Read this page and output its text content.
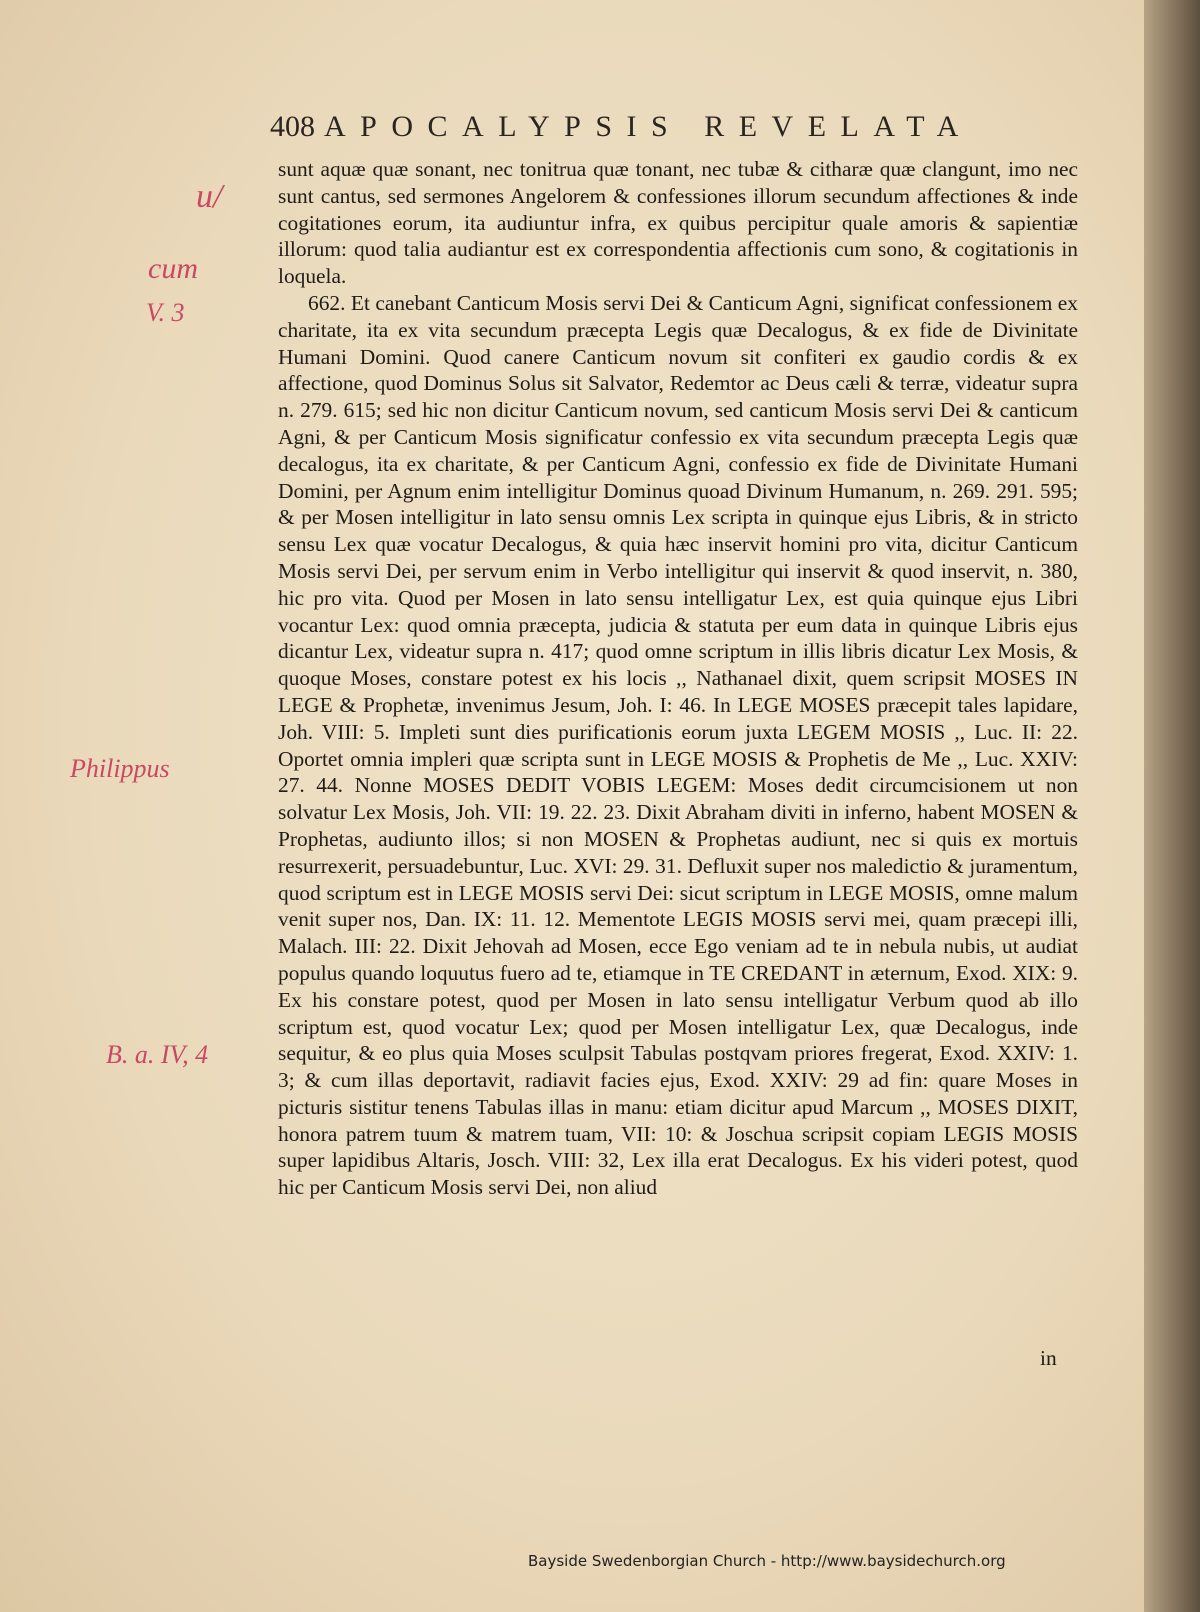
408 APOCALYPSIS REVELATA

sunt aquæ quæ sonant, nec tonitrua quæ tonant, nec tubæ & citharæ quæ clangunt, imo nec sunt cantus, sed sermones Angelorem & confessiones illorum secundum affectiones & inde cogitationes eorum, ita audiuntur infra, ex quibus percipitur quale amoris & sapientiæ illorum: quod talia audiantur est ex correspondentia affectionis cum sono, & cogitationis in loquela.

662. Et canebant Canticum Mosis servi Dei & Canticum Agni, significat confessionem ex charitate, ita ex vita secundum præcepta Legis quæ Decalogus, & ex fide de Divinitate Humani Domini. Quod canere Canticum novum sit confiteri ex gaudio cordis & ex affectione, quod Dominus Solus sit Salvator, Redemtor ac Deus cæli & terræ, videatur supra n. 279. 615; sed hic non dicitur Canticum novum, sed canticum Mosis servi Dei & canticum Agni, & per Canticum Mosis significatur confessio ex vita secundum præcepta Legis quæ decalogus, ita ex charitate, & per Canticum Agni, confessio ex fide de Divinitate Humani Domini, per Agnum enim intelligitur Dominus quoad Divinum Humanum, n. 269. 291. 595; & per Mosen intelligitur in lato sensu omnis Lex scripta in quinque ejus Libris, & in stricto sensu Lex quæ vocatur Decalogus, & quia hæc inservit homini pro vita, dicitur Canticum Mosis servi Dei, per servum enim in Verbo intelligitur qui inservit & quod inservit, n. 380, hic pro vita. Quod per Mosen in lato sensu intelligatur Lex, est quia quinque ejus Libri vocantur Lex: quod omnia præcepta, judicia & statuta per eum data in quinque Libris ejus dicantur Lex, videatur supra n. 417; quod omne scriptum in illis libris dicatur Lex Mosis, & quoque Moses, constare potest ex his locis ,, Nathanael dixit, quem scripsit MOSES IN LEGE & Prophetæ, invenimus Jesum, Joh. I: 46. In LEGE MOSES præcepit tales lapidare, Joh. VIII: 5. Impleti sunt dies purificationis eorum juxta LEGEM MOSIS ,, Luc. II: 22. Oportet omnia impleri quæ scripta sunt in LEGE MOSIS & Prophetis de Me ,, Luc. XXIV: 27. 44. Nonne MOSES DEDIT VOBIS LEGEM: Moses dedit circumcisionem ut non solvatur Lex Mosis, Joh. VII: 19. 22. 23. Dixit Abraham diviti in inferno, habent MOSEN & Prophetas, audiunto illos; si non MOSEN & Prophetas audiunt, nec si quis ex mortuis resurrexerit, persuadebuntur, Luc. XVI: 29. 31. Defluxit super nos maledictio & juramentum, quod scriptum est in LEGE MOSIS servi Dei: sicut scriptum in LEGE MOSIS, omne malum venit super nos, Dan. IX: 11. 12. Mementote LEGIS MOSIS servi mei, quam præcepi illi, Malach. III: 22. Dixit Jehovah ad Mosen, ecce Ego veniam ad te in nebula nubis, ut audiat populus quando loquutus fuero ad te, etiamque in TE CREDANT in æternum, Exod. XIX: 9. Ex his constare potest, quod per Mosen in lato sensu intelligatur Verbum quod ab illo scriptum est, quod vocatur Lex; quod per Mosen intelligatur Lex, quæ Decalogus, inde sequitur, & eo plus quia Moses sculpsit Tabulas postqvam priores fregerat, Exod. XXIV: 1. 3; & cum illas deportavit, radiavit facies ejus, Exod. XXIV: 29 ad fin: quare Moses in picturis sistitur tenens Tabulas illas in manu: etiam dicitur apud Marcum ,, MOSES DIXIT, honora patrem tuum & matrem tuam, VII: 10: & Joschua scripsit copiam LEGIS MOSIS super lapidibus Altaris, Josch. VIII: 32, Lex illa erat Decalogus. Ex his videri potest, quod hic per Canticum Mosis servi Dei, non aliud

in
u/
cum
V. 3
Philippus
B. a. IV, 4
Bayside Swedenborgian Church - http://www.baysidechurch.org
